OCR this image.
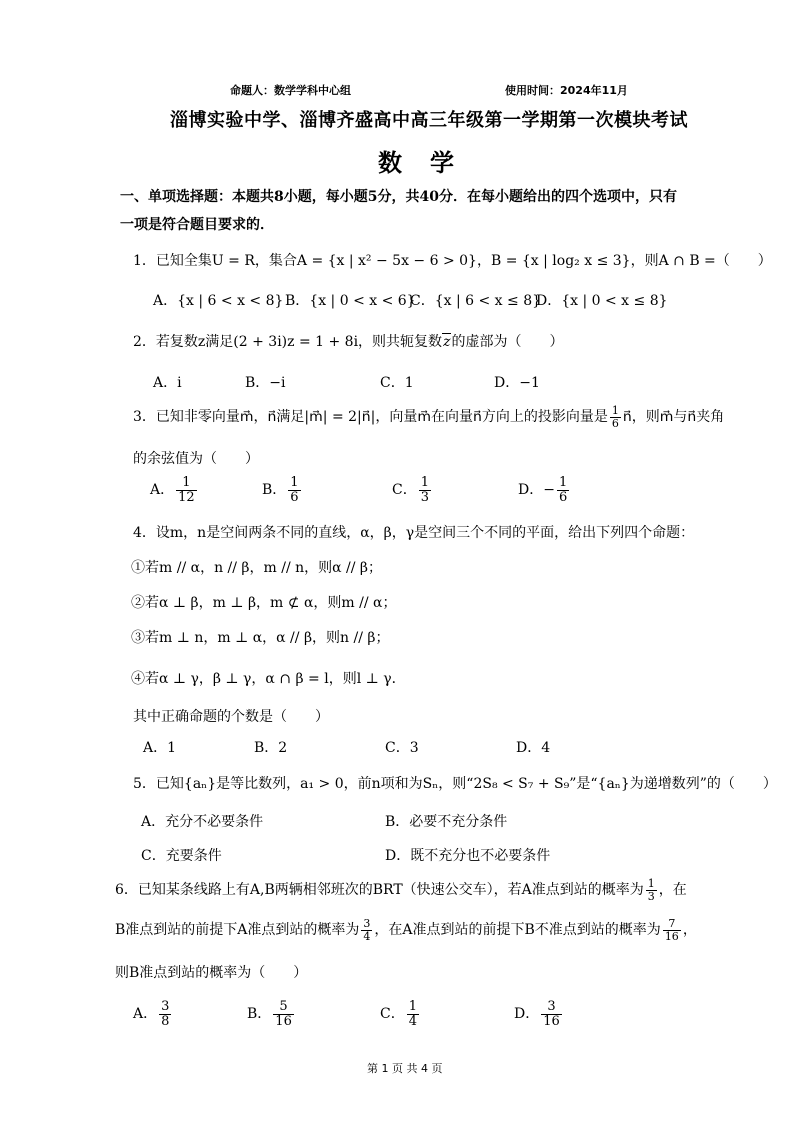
命题人：数学学科中心组	使用时间：2024年11月
淄博实验中学、淄博齐盛高中高三年级第一学期第一次模块考试
数学
一、单项选择题：本题共8小题，每小题5分，共40分．在每小题给出的四个选项中，只有
一项是符合题目要求的．
1．已知全集U = R，集合A = {x | x² − 5x − 6 > 0}，B = {x | log₂ x ≤ 3}，则A ∩ B =（　　）
A．{x | 6 < x < 8} B．{x | 0 < x < 6}
C．{x | 6 < x ≤ 8}
D．{x | 0 < x ≤ 8}
2．若复数z满足(2 + 3i)z = 1 + 8i，则共轭复数z的虚部为（　　）
A．i	B．−i	C．1	D．−1
3．已知非零向量m⃗，n⃗满足|m⃗| = 2|n⃗|，向量m⃗在向量n⃗方向上的投影向量是 $\frac{1}{6}$ n⃗，则m⃗与n⃗夹角
的余弦值为（　　）
A． $\frac{1}{12}$	B． $\frac{1}{6}$	C． $\frac{1}{3}$	D．− $\frac{1}{6}$
4．设m，n是空间两条不同的直线，α，β，γ是空间三个不同的平面，给出下列四个命题：
①若m // α，n // β，m // n，则α // β；
②若α ⊥ β，m ⊥ β，m ⊄ α，则m // α；
③若m ⊥ n，m ⊥ α，α // β，则n // β；
④若α ⊥ γ，β ⊥ γ，α ∩ β = l，则l ⊥ γ．
其中正确命题的个数是（　　）
A．1	B．2	C．3	D．4
5．已知{aₙ}是等比数列，a₁ > 0，前n项和为Sₙ，则“2S₈ < S₇ + S₉”是“{aₙ}为递增数列”的（　　）
A．充分不必要条件	B．必要不充分条件
C．充要条件	D．既不充分也不必要条件
6．已知某条线路上有A,B两辆相邻班次的BRT（快速公交车），若A准点到站的概率为 $\frac{1}{3}$ ，在
B准点到站的前提下A准点到站的概率为 $\frac{3}{4}$ ，在A准点到站的前提下B不准点到站的概率为 $\frac{7}{16}$ ，
则B准点到站的概率为（　　）
A． $\frac{3}{8}$	B． $\frac{5}{16}$	C． $\frac{1}{4}$	D． $\frac{3}{16}$
第 1 页 共 4 页
